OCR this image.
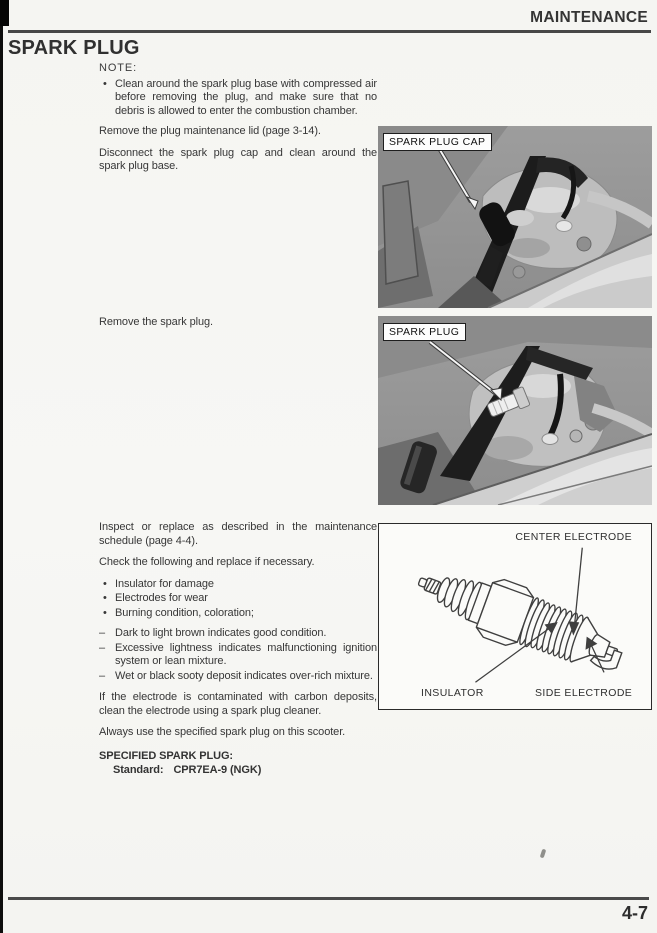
MAINTENANCE
SPARK PLUG
NOTE:
• Clean around the spark plug base with compressed air before removing the plug, and make sure that no debris is allowed to enter the combustion chamber.
Remove the plug maintenance lid (page 3-14).
Disconnect the spark plug cap and clean around the spark plug base.
Remove the spark plug.
Inspect or replace as described in the maintenance schedule (page 4-4).
Check the following and replace if necessary.
• Insulator for damage
• Electrodes for wear
• Burning condition, coloration;
– Dark to light brown indicates good condition.
– Excessive lightness indicates malfunctioning ignition system or lean mixture.
– Wet or black sooty deposit indicates over-rich mixture.
If the electrode is contaminated with carbon deposits, clean the electrode using a spark plug cleaner.
Always use the specified spark plug on this scooter.
SPECIFIED SPARK PLUG:
Standard: CPR7EA-9 (NGK)
SPARK PLUG CAP
SPARK PLUG
CENTER ELECTRODE
INSULATOR	SIDE ELECTRODE
4-7
